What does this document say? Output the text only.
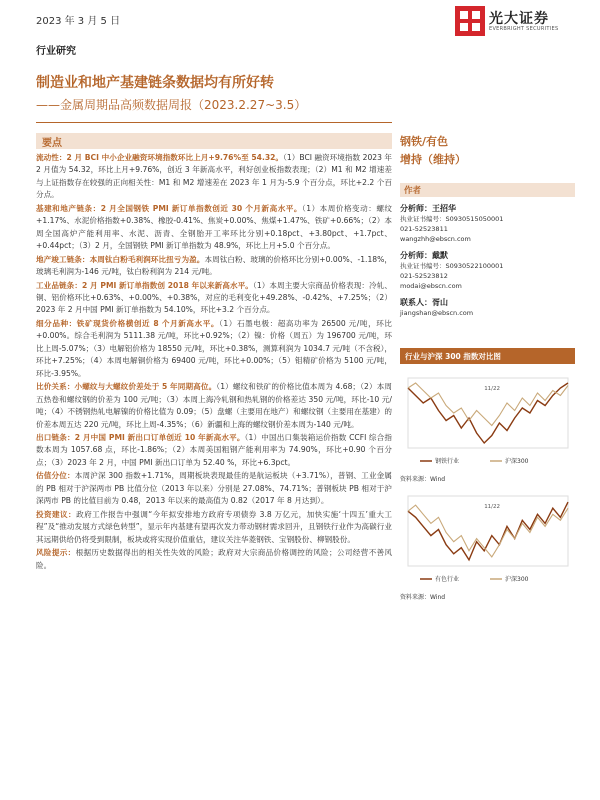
2023 年 3 月 5 日	光大证券
EVERBRIGHT SECURITIES
行业研究
制造业和地产基建链条数据均有所好转
——金属周期品高频数据周报（2023.2.27~3.5）
要点
流动性：2 月 BCI 中小企业融资环境指数环比上月+9.76%至 54.32。（1）BCI 融资环境指数 2023 年 2 月值为 54.32，环比上月+9.76%，创近 3 年新高水平，利好创业板指数表现；（2）M1 和 M2 增速差与上证指数存在较强的正向相关性：M1 和 M2 增速差在 2023 年 1 月为-5.9 个百分点，环比+2.2 个百分点。
基建和地产链条：2 月全国钢铁 PMI 新订单指数创近 30 个月新高水平。（1）本周价格变动：螺纹+1.17%、水泥价格指数+0.38%、橡胶-0.41%、焦炭+0.00%、焦煤+1.47%、铁矿+0.66%；（2）本周全国高炉产能利用率、水泥、沥青、全钢胎开工率环比分别+0.18pct、+3.80pct、+1.7pct、+0.44pct；（3）2 月，全国钢铁 PMI 新订单指数为 48.9%，环比上月+5.0 个百分点。
地产竣工链条：本周钛白粉毛利润环比扭亏为盈。本周钛白粉、玻璃的价格环比分别+0.00%、-1.18%，玻璃毛利润为-146 元/吨，钛白粉利润为 214 元/吨。
工业品链条：2 月 PMI 新订单指数创 2018 年以来新高水平。（1）本周主要大宗商品价格表现：冷轧、铜、铝价格环比+0.63%、+0.00%、+0.38%，对应的毛利变化+49.28%、-0.42%、+7.25%；（2）2023 年 2 月中国 PMI 新订单指数为 54.10%，环比+3.2 个百分点。
细分品种：铁矿现货价格横创近 8 个月新高水平。（1）石墨电极：超高功率为 26500 元/吨，环比+0.00%。综合毛利润为 5111.38 元/吨，环比+0.92%；（2）镍：价格（周五）为 196700 元/吨，环比上周-5.07%；（3）电解铝价格为 18550 元/吨，环比+0.38%，测算利润为 1034.7 元/吨（不含税），环比+7.25%；（4）本周电解铜价格为 69400 元/吨，环比+0.00%；（5）钼精矿价格为 5100 元/吨，环比-3.95%。
比价关系：小螺纹与大螺纹价差处于 5 年同期高位。（1）螺纹和铁矿的价格比值本周为 4.68；（2）本周五热卷和螺纹钢的价差为 100 元/吨；（3）本周上海冷轧钢和热轧钢的价格差达 350 元/吨，环比-10 元/吨；（4）不锈钢热轧电解镍的价格比值为 0.09；（5）盘螺（主要用在地产）和螺纹钢（主要用在基建）的价差本周五达 220 元/吨，环比上周-4.35%；（6）新疆和上海的螺纹钢价差本周为-140 元/吨。
出口链条：2 月中国 PMI 新出口订单创近 10 年新高水平。（1）中国出口集装箱运价指数 CCFI 综合指数本周为 1057.68 点，环比-1.86%；（2）本周美国粗钢产能利用率为 74.90%，环比+0.90 个百分点；（3）2023 年 2 月，中国 PMI 新出口订单为 52.40 %，环比+6.3pct。
估值分位：本周沪深 300 指数+1.71%，周期板块表现最佳的是航运板块（+3.71%），普钢、工业金属的 PB 相对于沪深两市 PB 比值分位（2013 年以来）分别是 27.08%、74.71%；普钢板块 PB 相对于沪深两市 PB 的比值目前为 0.48，2013 年以来的最高值为 0.82（2017 年 8 月达到）。
投资建议：政府工作报告中强调“今年拟安排地方政府专项债券 3.8 万亿元，加快实施‘十四五’重大工程”及“推动发展方式绿色转型”，显示年内基建有望再次发力带动钢材需求回升，且钢铁行业作为高碳行业其远期供给仍将受到限制，板块或将实现价值重估，建议关注华菱钢铁、宝钢股份、柳钢股份。
风险提示：根据历史数据得出的相关性失效的风险；政府对大宗商品价格调控的风险；公司经营不善风险。
钢铁/有色
增持（维持）
作者
分析师：王招华
执业证书编号：S0930515050001
021-52523811
wangzhh@ebscn.com
分析师：戴默
执业证书编号：S0930522100001
021-52523812
modai@ebscn.com
联系人：胥山
jiangshan@ebscn.com
行业与沪深 300 指数对比图
钢铁行业	沪深300
11/22
资料来源：Wind
有色行业	沪深300
11/22
资料来源：Wind
